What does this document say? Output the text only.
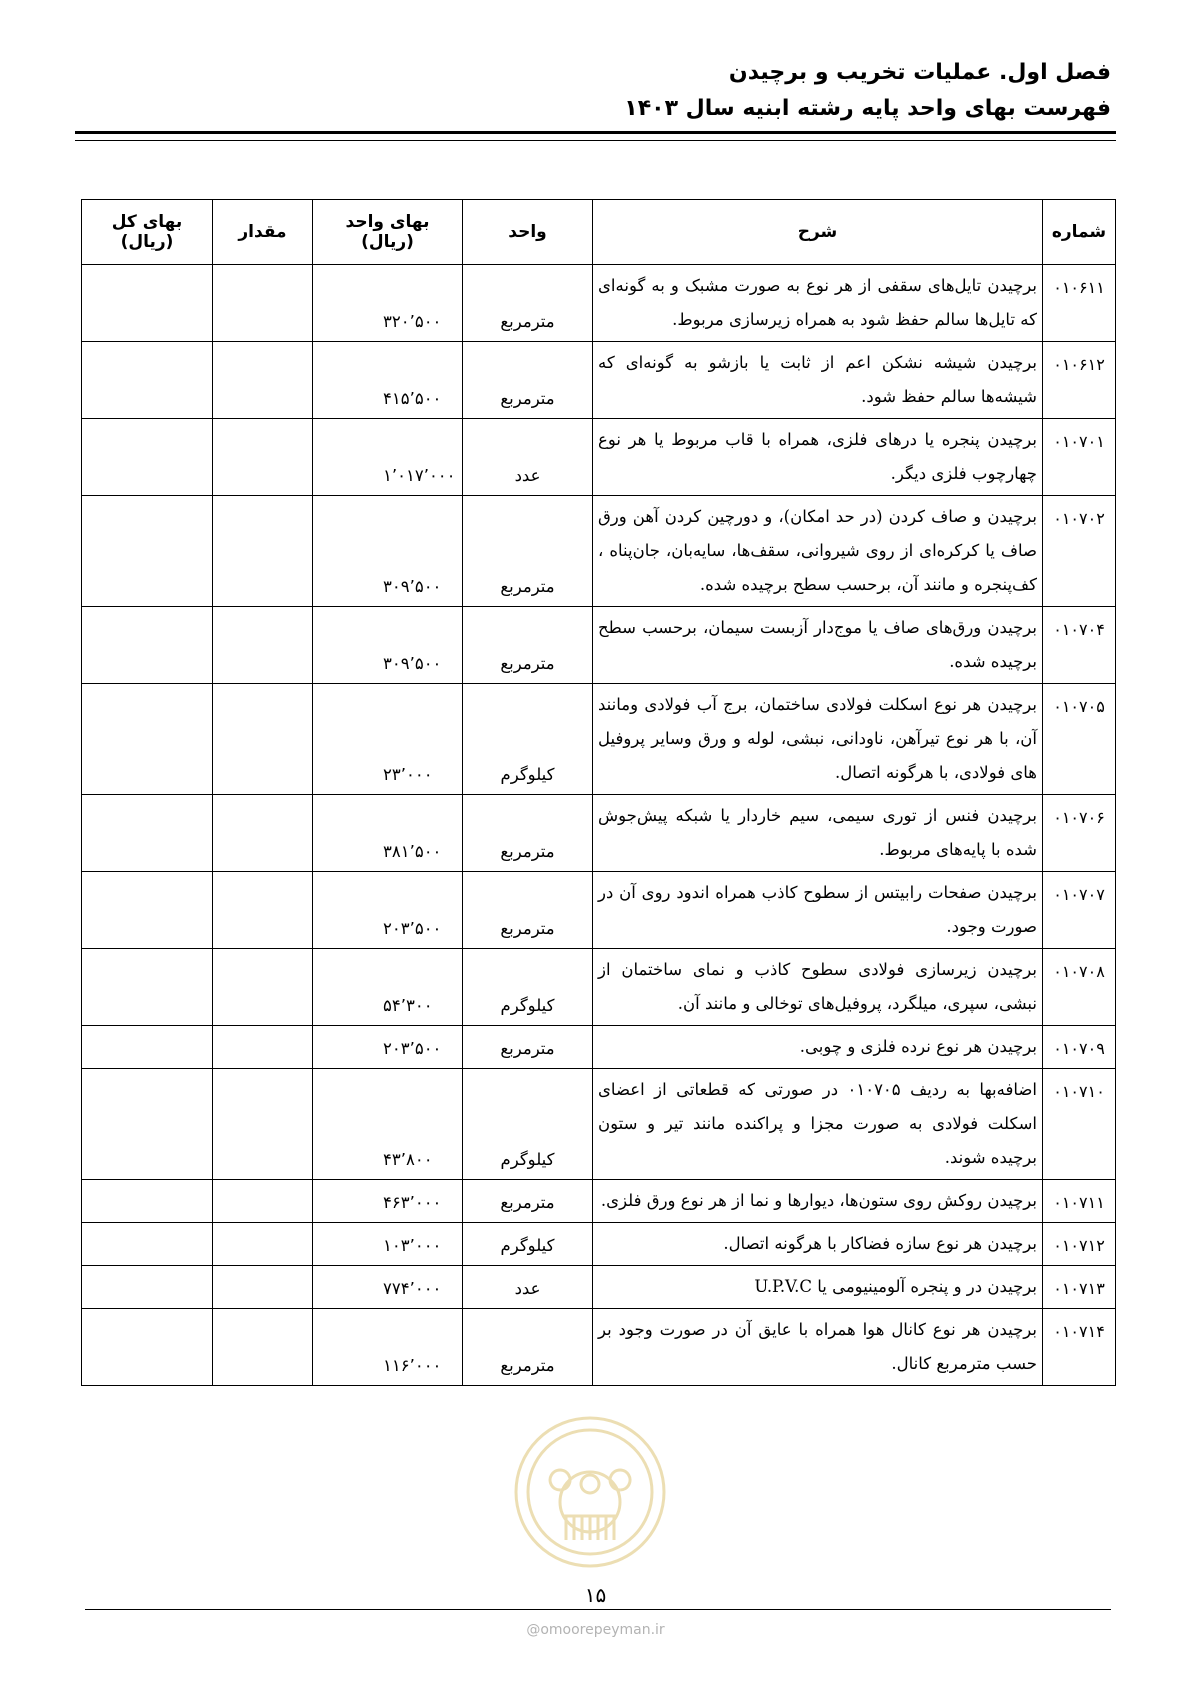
فصل اول. عملیات تخریب و برچیدن
فهرست بهای واحد پایه رشته ابنیه سال ۱۴۰۳
شماره	شرح	واحد	بهای واحد (ریال)	مقدار	بهای کل (ریال)
۰۱۰۶۱۱	برچیدن تایل‌های سقفی از هر نوع به صورت مشبک و به گونه‌ای که تایل‌ها سالم حفظ شود به همراه زیرسازی مربوط.	مترمربع	۳۲۰٬۵۰۰		
۰۱۰۶۱۲	برچیدن شیشه نشکن اعم از ثابت یا بازشو به گونه‌ای که شیشه‌ها سالم حفظ شود.	مترمربع	۴۱۵٬۵۰۰		
۰۱۰۷۰۱	برچیدن پنجره یا درهای فلزی، همراه با قاب مربوط یا هر نوع چهارچوب فلزی دیگر.	عدد	۱٬۰۱۷٬۰۰۰		
۰۱۰۷۰۲	برچیدن و صاف کردن (در حد امکان)، و دورچین کردن آهن ورق صاف یا کرکره‌ای از روی شیروانی، سقف‌ها، سایه‌بان، جان‌پناه ، کف‌پنجره و مانند آن، برحسب سطح برچیده شده.	مترمربع	۳۰۹٬۵۰۰		
۰۱۰۷۰۴	برچیدن ورق‌های صاف یا موج‌دار آزبست سیمان، برحسب سطح برچیده شده.	مترمربع	۳۰۹٬۵۰۰		
۰۱۰۷۰۵	برچیدن هر نوع اسکلت فولادی ساختمان، برج آب فولادی ومانند آن، با هر نوع تیرآهن، ناودانی، نبشی، لوله و ورق وسایر پروفیل های فولادی، با هرگونه اتصال.	کیلوگرم	۲۳٬۰۰۰		
۰۱۰۷۰۶	برچیدن فنس از توری سیمی، سیم خاردار یا شبکه پیش‌جوش شده با پایه‌های مربوط.	مترمربع	۳۸۱٬۵۰۰		
۰۱۰۷۰۷	برچیدن صفحات رابیتس از سطوح کاذب همراه اندود روی آن در صورت وجود.	مترمربع	۲۰۳٬۵۰۰		
۰۱۰۷۰۸	برچیدن زیرسازی فولادی سطوح کاذب و نمای ساختمان از نبشی، سپری، میلگرد، پروفیل‌های توخالی و مانند آن.	کیلوگرم	۵۴٬۳۰۰		
۰۱۰۷۰۹	برچیدن هر نوع نرده فلزی و چوبی.	مترمربع	۲۰۳٬۵۰۰		
۰۱۰۷۱۰	اضافه‌بها به ردیف ۰۱۰۷۰۵ در صورتی که قطعاتی از اعضای اسکلت فولادی به صورت مجزا و پراکنده مانند تیر و ستون برچیده شوند.	کیلوگرم	۴۳٬۸۰۰		
۰۱۰۷۱۱	برچیدن روکش روی ستون‌ها، دیوارها و نما از هر نوع ورق فلزی.	مترمربع	۴۶۳٬۰۰۰		
۰۱۰۷۱۲	برچیدن هر نوع سازه فضاکار با هرگونه اتصال.	کیلوگرم	۱۰۳٬۰۰۰		
۰۱۰۷۱۳	برچیدن در و پنجره آلومینیومی یا U.P.V.C	عدد	۷۷۴٬۰۰۰		
۰۱۰۷۱۴	برچیدن هر نوع کانال هوا همراه با عایق آن در صورت وجود بر حسب مترمربع کانال.	مترمربع	۱۱۶٬۰۰۰		
۱۵
@omoorepeyman.ir
